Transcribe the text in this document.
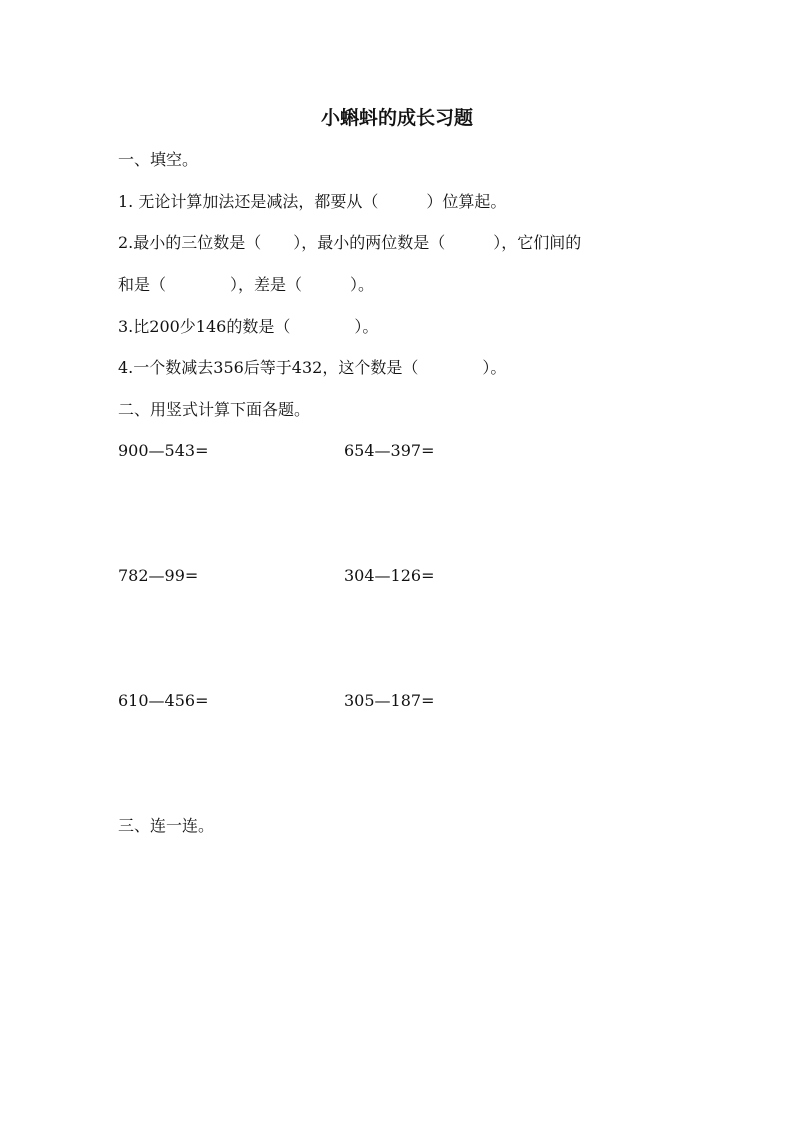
小蝌蚪的成长习题
一、填空。
1. 无论计算加法还是减法，都要从（　　　）位算起。
2.最小的三位数是（　　），最小的两位数是（　　　），它们间的
和是（　　　　），差是（　　　）。
3.比200少146的数是（　　　　）。
4.一个数减去356后等于432，这个数是（　　　　）。
二、用竖式计算下面各题。
900—543=	654—397=
782—99=	304—126=
610—456=	305—187=
三、连一连。
